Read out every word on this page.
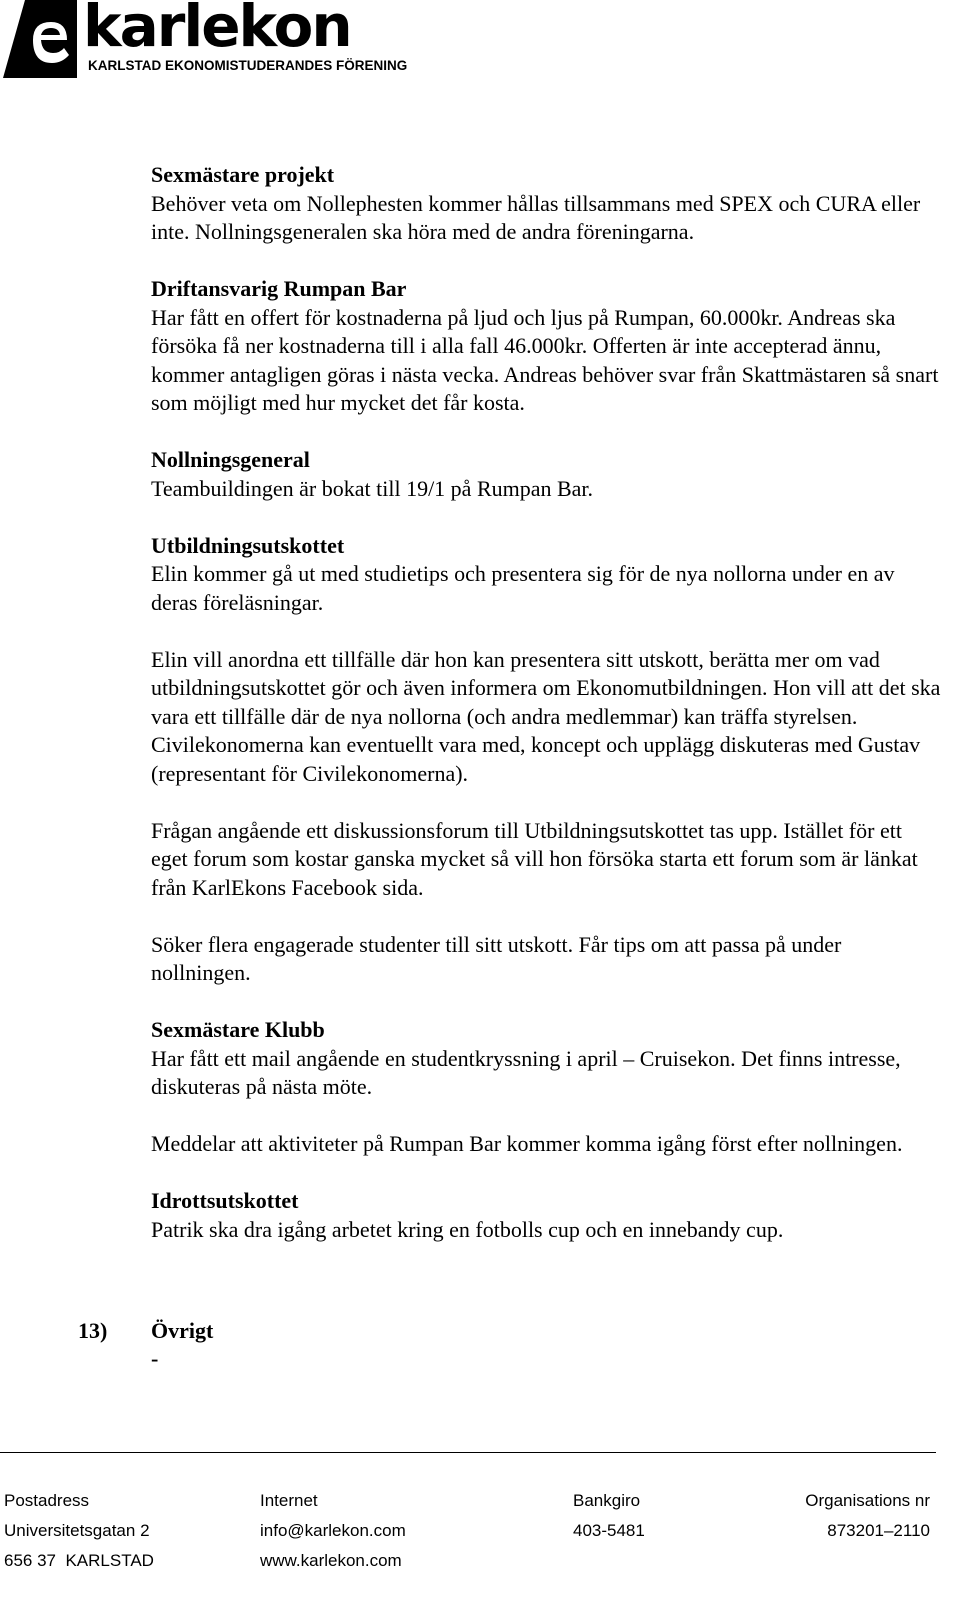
karlekon
KARLSTAD EKONOMISTUDERANDES FÖRENING
Sexmästare projekt
Behöver veta om Nollephesten kommer hållas tillsammans med SPEX och CURA eller inte. Nollningsgeneralen ska höra med de andra föreningarna.
Driftansvarig Rumpan Bar
Har fått en offert för kostnaderna på ljud och ljus på Rumpan, 60.000kr. Andreas ska försöka få ner kostnaderna till i alla fall 46.000kr. Offerten är inte accepterad ännu, kommer antagligen göras i nästa vecka. Andreas behöver svar från Skattmästaren så snart som möjligt med hur mycket det får kosta.
Nollningsgeneral
Teambuildingen är bokat till 19/1 på Rumpan Bar.
Utbildningsutskottet
Elin kommer gå ut med studietips och presentera sig för de nya nollorna under en av deras föreläsningar.
Elin vill anordna ett tillfälle där hon kan presentera sitt utskott, berätta mer om vad utbildningsutskottet gör och även informera om Ekonomutbildningen. Hon vill att det ska vara ett tillfälle där de nya nollorna (och andra medlemmar) kan träffa styrelsen. Civilekonomerna kan eventuellt vara med, koncept och upplägg diskuteras med Gustav (representant för Civilekonomerna).
Frågan angående ett diskussionsforum till Utbildningsutskottet tas upp. Istället för ett eget forum som kostar ganska mycket så vill hon försöka starta ett forum som är länkat från KarlEkons Facebook sida.
Söker flera engagerade studenter till sitt utskott. Får tips om att passa på under nollningen.
Sexmästare Klubb
Har fått ett mail angående en studentkryssning i april – Cruisekon. Det finns intresse, diskuteras på nästa möte.
Meddelar att aktiviteter på Rumpan Bar kommer komma igång först efter nollningen.
Idrottsutskottet
Patrik ska dra igång arbetet kring en fotbolls cup och en innebandy cup.
13) Övrigt
-
Postadress
Universitetsgatan 2
656 37  KARLSTAD
Internet
info@karlekon.com
www.karlekon.com
Bankgiro
403-5481
Organisations nr
873201–2110
